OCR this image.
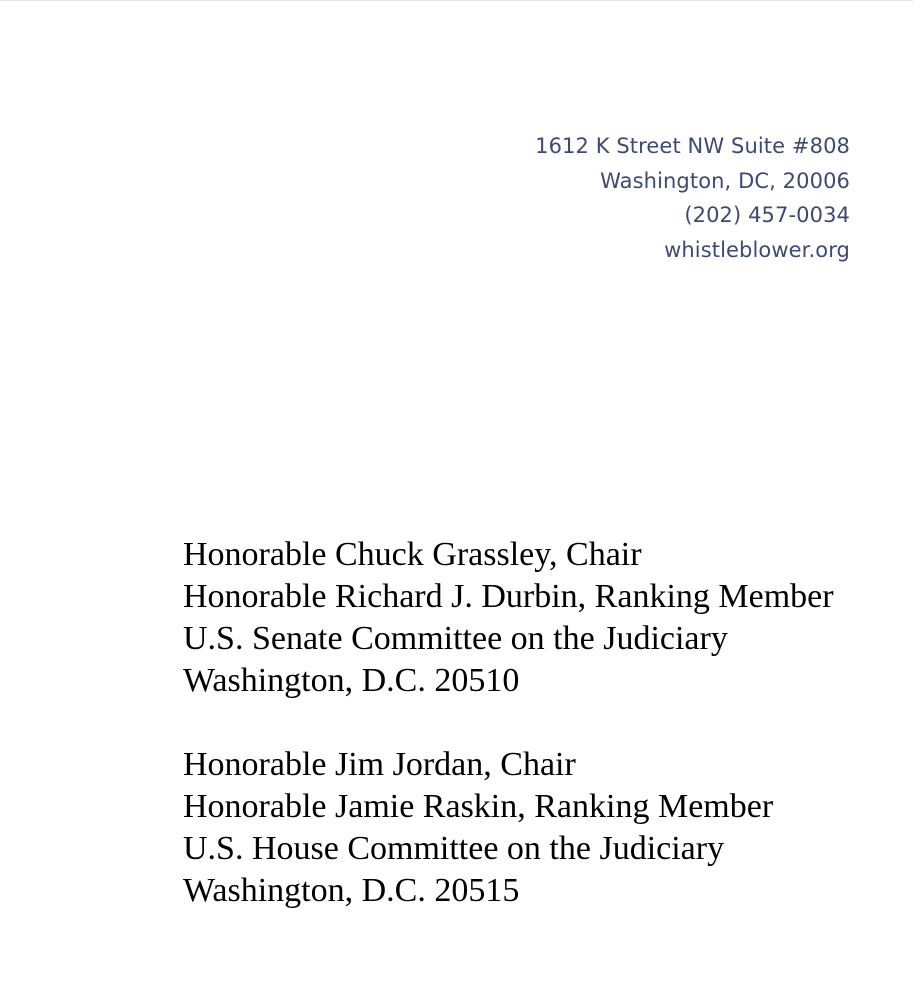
1612 K Street NW Suite #808
Washington, DC, 20006
(202) 457-0034
whistleblower.org
Honorable Chuck Grassley, Chair
Honorable Richard J. Durbin, Ranking Member
U.S. Senate Committee on the Judiciary
Washington, D.C. 20510
Honorable Jim Jordan, Chair
Honorable Jamie Raskin, Ranking Member
U.S. House Committee on the Judiciary
Washington, D.C. 20515
